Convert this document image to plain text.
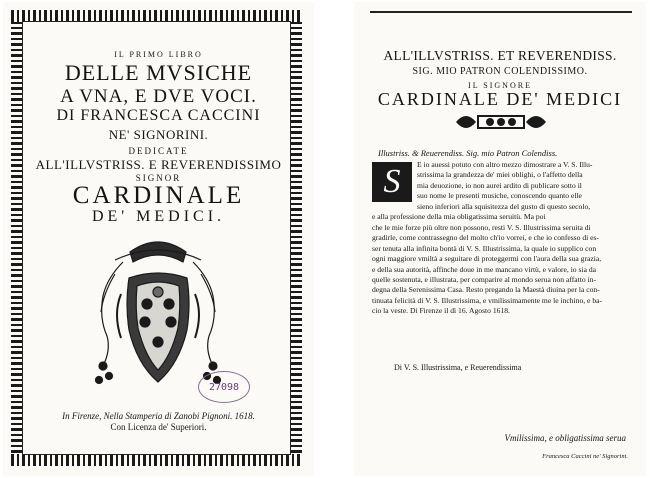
IL PRIMO LIBRO
DELLE MVSICHE
A VNA, E DVE VOCI.
DI FRANCESCA CACCINI
NE' SIGNORINI.
DEDICATE
ALL'ILLVSTRISS. E REVERENDISSIMO
SIGNOR
CARDINALE
DE' MEDICI.
27098
In Firenze, Nella Stamperia di Zanobi Pignoni. 1618.
Con Licenza de' Superiori.
ALL'ILLVSTRISS. ET REVERENDISS.
SIG. MIO PATRON COLENDISSIMO.
IL SIGNORE
CARDINALE DE' MEDICI
Illustriss. & Reuerendiss. Sig. mio Patron Colendiss.
S	E io auessi potuto con altro mezzo dimostrare a V. S. Illu-
strissima la grandezza de' miei oblighi, o l'affetto della
mia deuozione, io non aurei ardito di publicare sotto il
suo nome le presenti musiche, conoscendo quanto elle
sieno inferiori alla squisitezza del gusto di questo secolo,
e alla professione della mia obligatissima seruitù. Ma poi
che le mie forze più oltre non possono, resti V. S. Illustrissima seruita di
gradirle, come contrassegno del molto ch'io vorrei, e che io confesso di es-
ser tenuta alla infinita bontà di V. S. Illustrissima, la quale io supplico con
ogni maggiore vmiltà a seguitare di proteggermi con l'aura della sua grazia,
e della sua autorità, affinche doue in me mancano virtù, e valore, io sia da
quelle sostenuta, e illustrata, per comparire al mondo serua non affatto in-
degna della Serenissima Casa. Resto pregando la Maestà diuina per la con-
tinuata felicità di V. S. Illustrissima, e vmilissimamente me le inchino, e ba-
cio la veste. Di Firenze il dì 16. Agosto 1618.
Di V. S. Illustrissima, e Reuerendissima
Vmilissima, e obligatissima serua
Francesca Caccini ne' Signorini.
